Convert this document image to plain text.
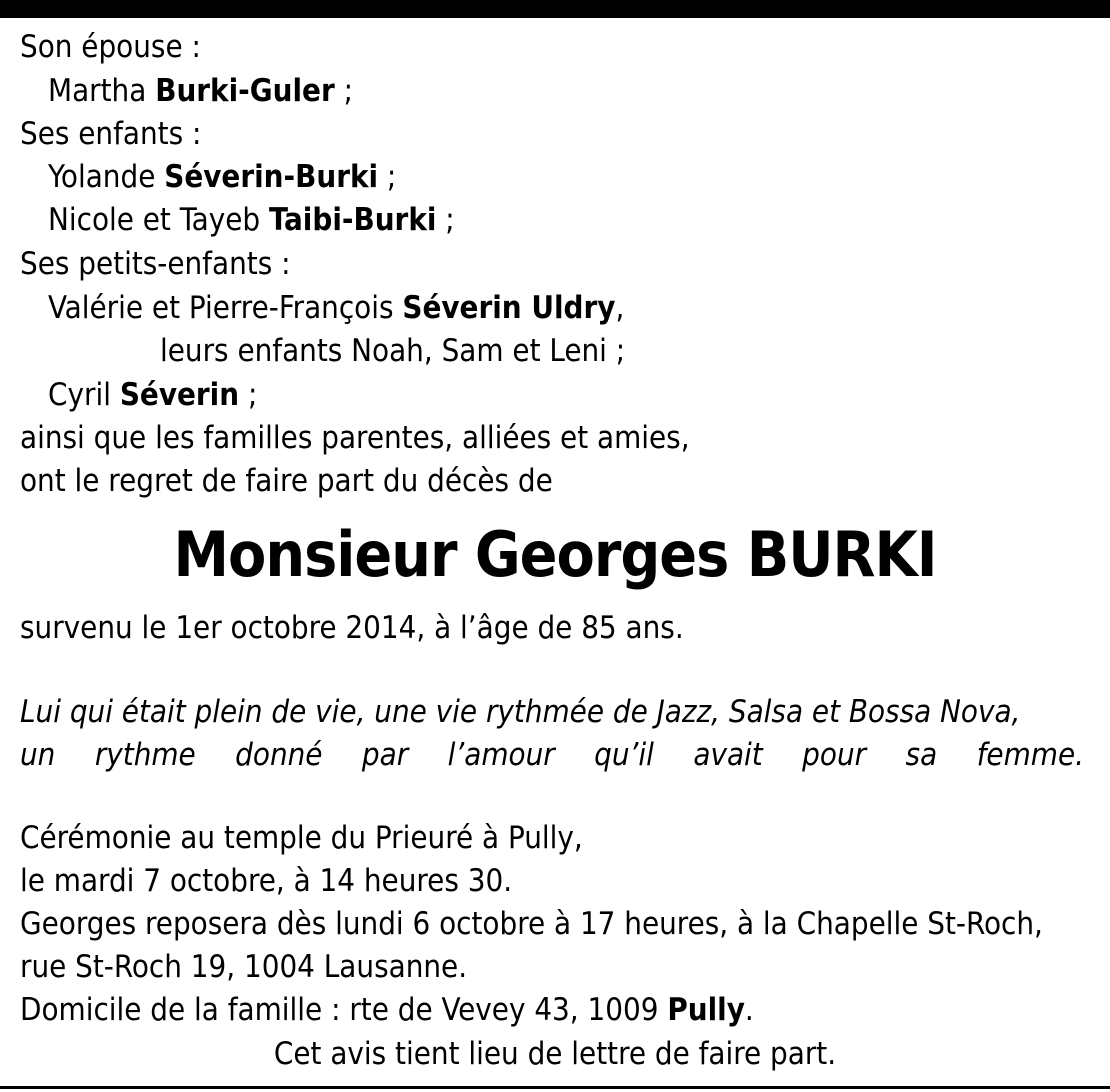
Son épouse :
Martha Burki-Guler ;
Ses enfants :
Yolande Séverin-Burki ;
Nicole et Tayeb Taibi-Burki ;
Ses petits-enfants :
Valérie et Pierre-François Séverin Uldry,
leurs enfants Noah, Sam et Leni ;
Cyril Séverin ;
ainsi que les familles parentes, alliées et amies,
ont le regret de faire part du décès de
Monsieur Georges BURKI
survenu le 1er octobre 2014, à l’âge de 85 ans.
Lui qui était plein de vie, une vie rythmée de Jazz, Salsa et Bossa Nova,
un rythme donné par l’amour qu’il avait pour sa femme.
Cérémonie au temple du Prieuré à Pully,
le mardi 7 octobre, à 14 heures 30.
Georges reposera dès lundi 6 octobre à 17 heures, à la Chapelle St-Roch,
rue St-Roch 19, 1004 Lausanne.
Domicile de la famille : rte de Vevey 43, 1009 Pully.
Cet avis tient lieu de lettre de faire part.
